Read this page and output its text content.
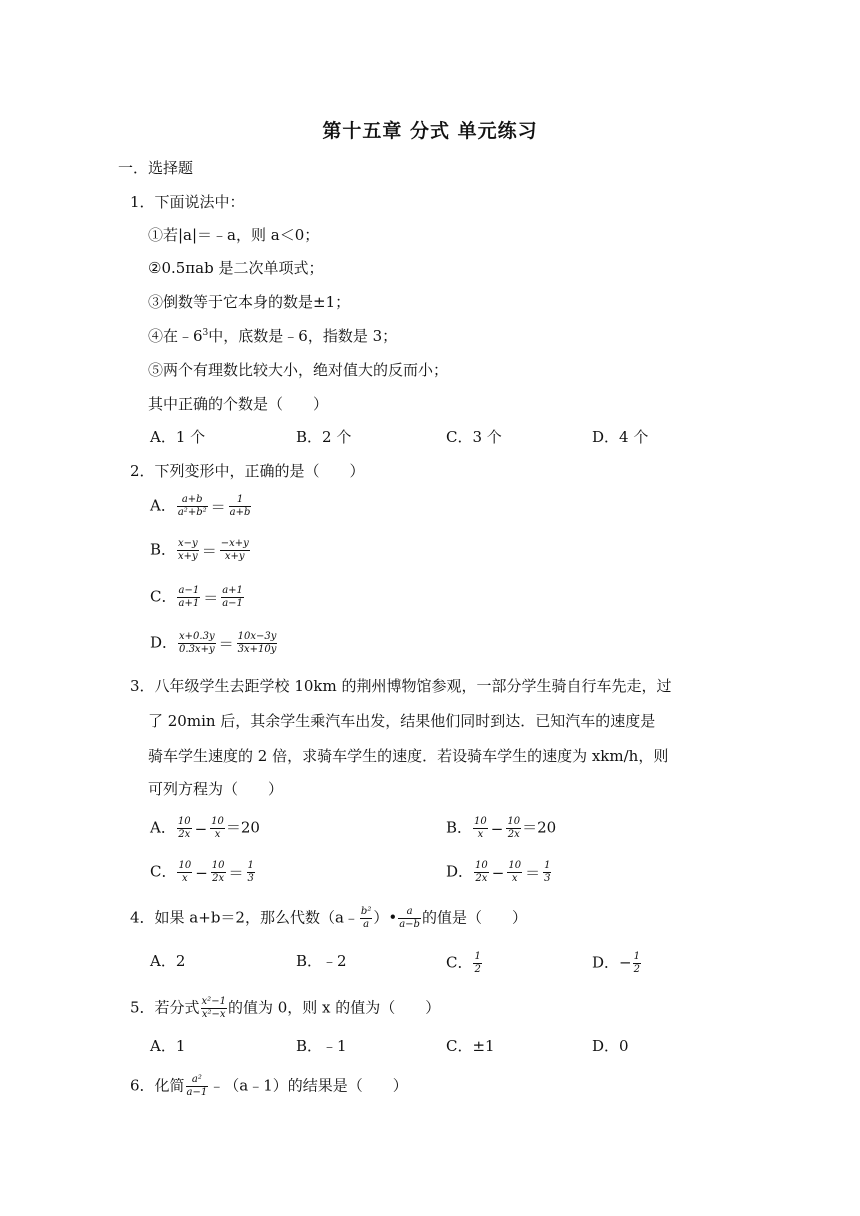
第十五章 分式 单元练习
一．选择题
1．下面说法中：
①若|a|＝﹣a，则 a＜0；
②0.5πab 是二次单项式；
③倒数等于它本身的数是±1；
④在$﹣6^3$中，底数是﹣6，指数是 3；
⑤两个有理数比较大小，绝对值大的反而小；
其中正确的个数是（　　）
A．1 个	B．2 个	C．3 个	D．4 个
2．下列变形中，正确的是（　　）
A． $\frac{a+b}{\text{a²+b²}} = \frac{1}{a+b}$
B． $\frac{x-y}{x+y} = \frac{-x+y}{x+y}$
C． $\frac{a-1}{a+1} = \frac{a+1}{a-1}$
D． $\frac{x+0.3y}{0.3x+y} = \frac{10x-3y}{3x+10y}$
3．八年级学生去距学校 10km 的荆州博物馆参观，一部分学生骑自行车先走，过
了 20min 后，其余学生乘汽车出发，结果他们同时到达．已知汽车的速度是
骑车学生速度的 2 倍，求骑车学生的速度．若设骑车学生的速度为 xkm/h，则
可列方程为（　　）
A． $\frac{10}{2x} - \frac{10}{x} =20$	B． $\frac{10}{x} - \frac{10}{2x} =20$
C． $\frac{10}{x} - \frac{10}{2x} = \frac{1}{3}$	D． $\frac{10}{2x} - \frac{10}{x} = \frac{1}{3}$
4．如果 a+b＝2，那么代数（a﹣ $\frac{\text{b²}}{a}$ ）• $\frac{a}{a-b}$ 的值是（　　）
A．2	B．﹣2	C． $\frac{1}{2}$	D．− $\frac{1}{2}$
5．若分式 $\frac{\text{x²−1}}{\text{x²−x}}$ 的值为 0，则 x 的值为（　　）
A．1	B．﹣1	C．±1	D．0
6．化简 $\frac{\text{a²}}{a-1}$ ﹣（a﹣1）的结果是（　　）
